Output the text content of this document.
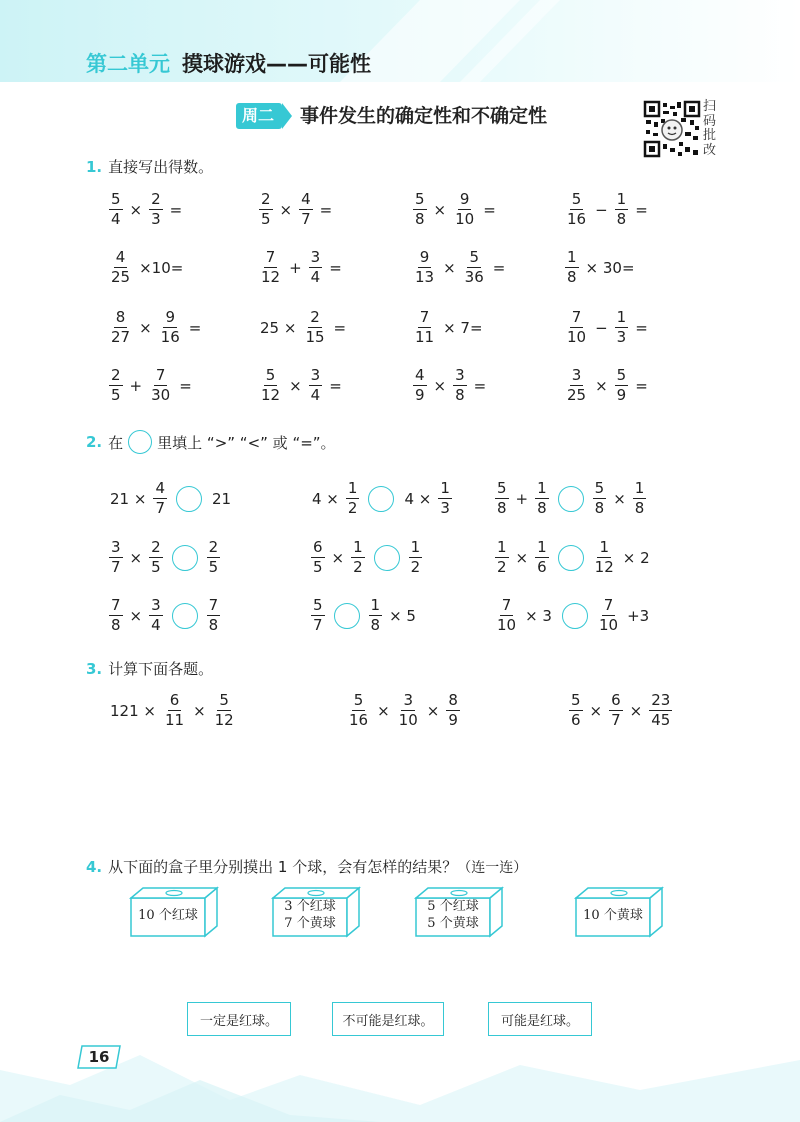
第二单元 摸球游戏——可能性
周二	事件发生的确定性和不确定性	扫码批改
1. 直接写出得数。
$\frac{5}{4} \times \frac{2}{3}$ =	$\frac{2}{5} \times \frac{4}{7}$ =	$\frac{5}{8} \times \frac{9}{10}$ =	$\frac{5}{16} - \frac{1}{8}$ =
$\frac{4}{25} \times 10=$	$\frac{7}{12} + \frac{3}{4}$ =	$\frac{9}{13} \times \frac{5}{36}$ =	$\frac{1}{8} \times 30=$
$\frac{8}{27} \times \frac{9}{16}$ =	$25 \times \frac{2}{15}$ =	$\frac{7}{11} \times 7=$	$\frac{7}{10} - \frac{1}{3}$ =
$\frac{2}{5} + \frac{7}{30}$ =	$\frac{5}{12} \times \frac{3}{4}$ =	$\frac{4}{9} \times \frac{3}{8}$ =	$\frac{3}{25} \times \frac{5}{9}$ =
2. 在 里填上 “>” “<” 或 “=”。
$21 \times \frac{4}{7}$	21	$4 \times \frac{1}{2}$	$4 \times \frac{1}{3}$	$\frac{5}{8} + \frac{1}{8}$	$\frac{5}{8} \times \frac{1}{8}$
$\frac{3}{7} \times \frac{2}{5}$	$\frac{2}{5}$	$\frac{6}{5} \times \frac{1}{2}$	$\frac{1}{2}$	$\frac{1}{2} \times \frac{1}{6}$	$\frac{1}{12} \times 2$
$\frac{7}{8} \times \frac{3}{4}$	$\frac{7}{8}$	$\frac{5}{7}$	$\frac{1}{8} \times 5$	$\frac{7}{10} \times 3$	$\frac{7}{10} +3$
3. 计算下面各题。
$121 \times \frac{6}{11} \times \frac{5}{12}$	$\frac{5}{16} \times \frac{3}{10} \times \frac{8}{9}$	$\frac{5}{6} \times \frac{6}{7} \times \frac{23}{45}$
4. 从下面的盒子里分别摸出 1 个球，会有怎样的结果？（连一连）
10 个红球
3 个红球
7 个黄球
5 个红球
5 个黄球
10 个黄球
一定是红球。	不可能是红球。	可能是红球。
16
